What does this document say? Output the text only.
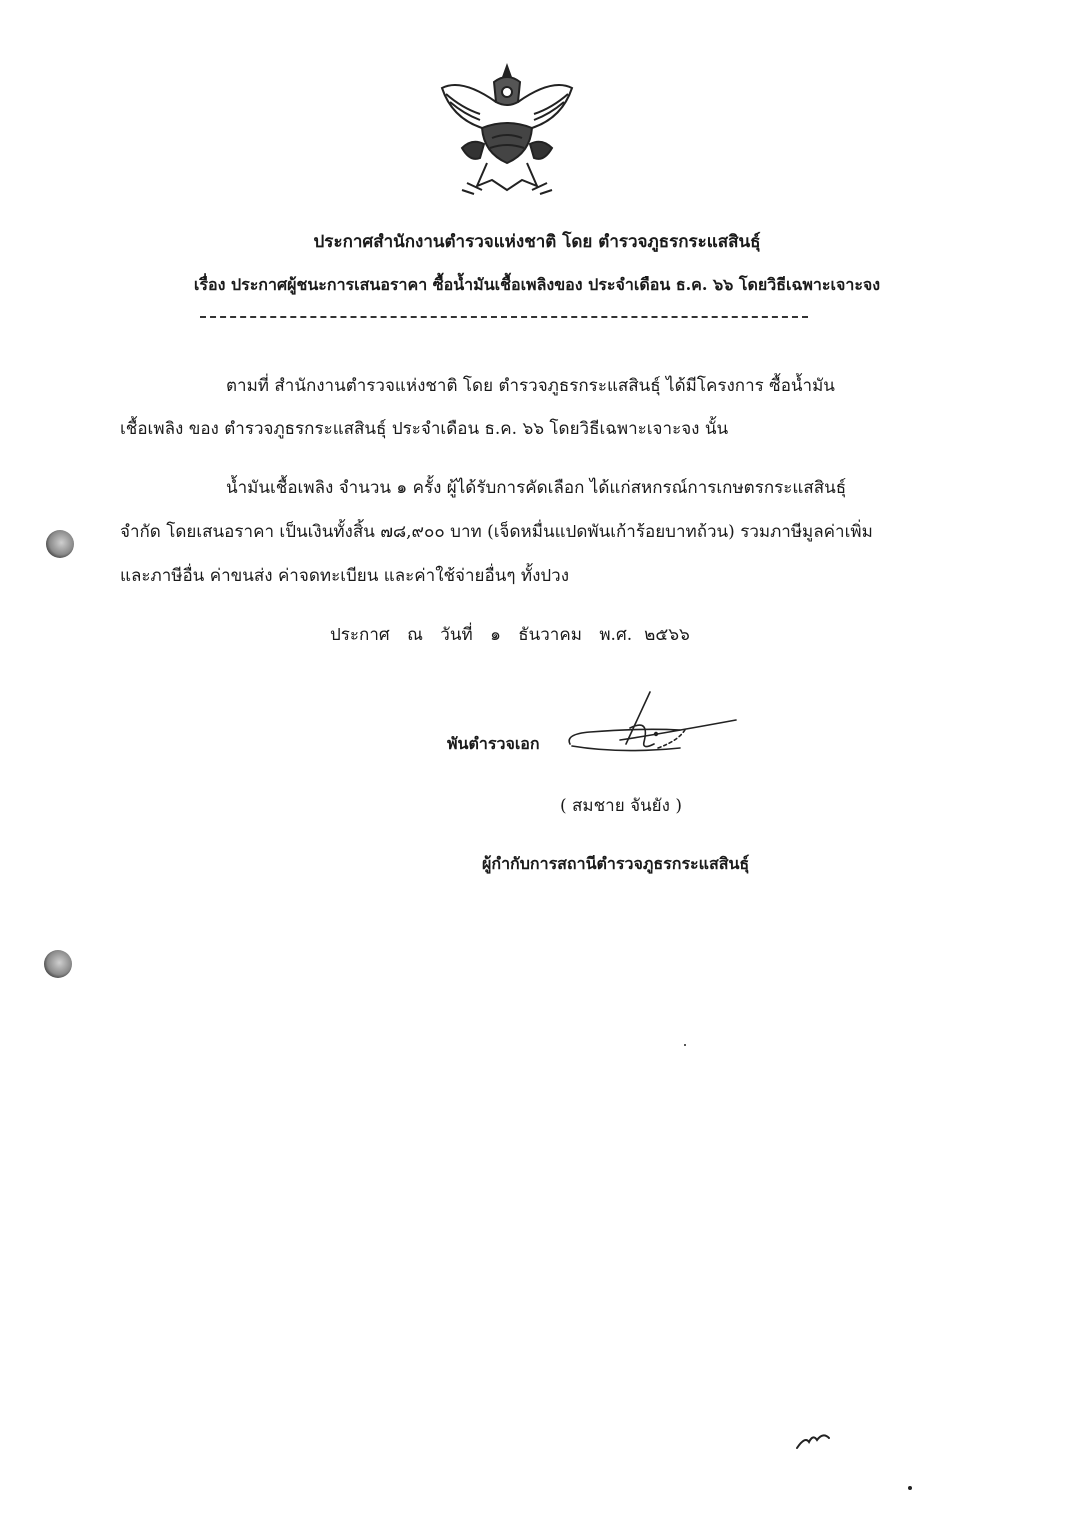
ประกาศสำนักงานตำรวจแห่งชาติ โดย ตำรวจภูธรกระแสสินธุ์
เรื่อง ประกาศผู้ชนะการเสนอราคา ซื้อน้ำมันเชื้อเพลิงของ ประจำเดือน ธ.ค. ๖๖ โดยวิธีเฉพาะเจาะจง
ตามที่ สำนักงานตำรวจแห่งชาติ โดย ตำรวจภูธรกระแสสินธุ์ ได้มีโครงการ ซื้อน้ำมัน
เชื้อเพลิง ของ ตำรวจภูธรกระแสสินธุ์ ประจำเดือน ธ.ค. ๖๖ โดยวิธีเฉพาะเจาะจง นั้น
น้ำมันเชื้อเพลิง จำนวน ๑ ครั้ง ผู้ได้รับการคัดเลือก ได้แก่สหกรณ์การเกษตรกระแสสินธุ์
จำกัด โดยเสนอราคา เป็นเงินทั้งสิ้น ๗๘,๙๐๐ บาท (เจ็ดหมื่นแปดพันเก้าร้อยบาทถ้วน) รวมภาษีมูลค่าเพิ่ม
และภาษีอื่น ค่าขนส่ง ค่าจดทะเบียน และค่าใช้จ่ายอื่นๆ ทั้งปวง
ประกาศ ณ วันที่ ๑ ธันวาคม พ.ศ. ๒๕๖๖
พันตำรวจเอก
( สมชาย จันยัง )
ผู้กำกับการสถานีตำรวจภูธรกระแสสินธุ์
